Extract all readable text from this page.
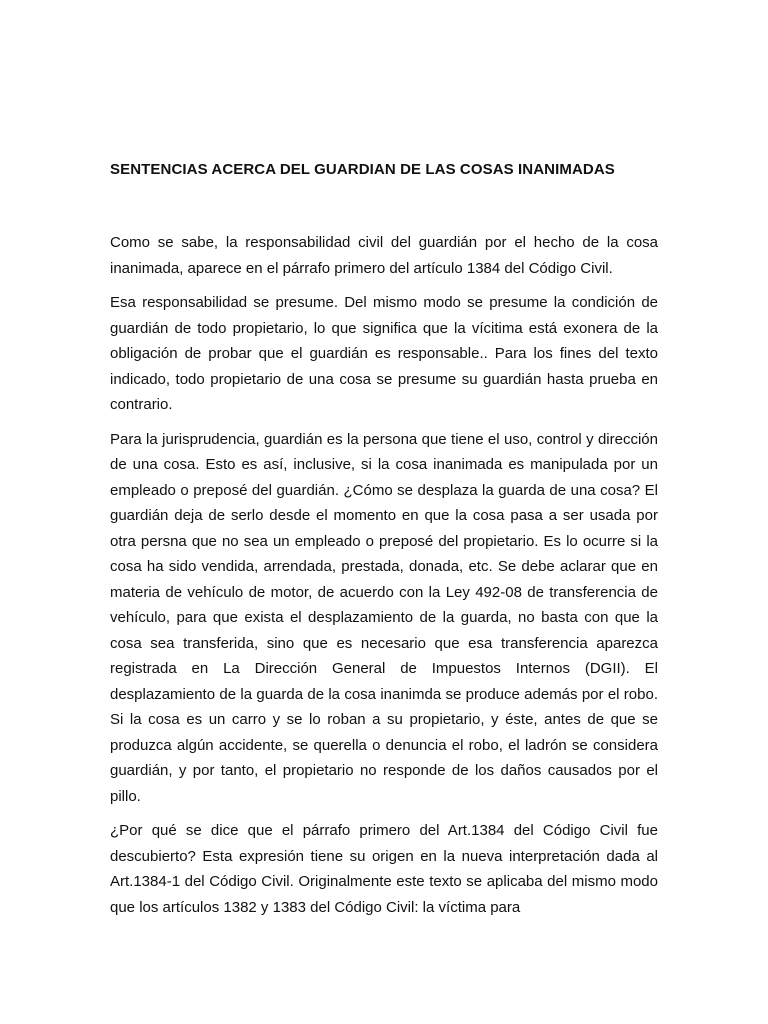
SENTENCIAS ACERCA DEL GUARDIAN DE LAS COSAS INANIMADAS

Como se sabe, la responsabilidad civil del guardián por el hecho de la cosa inanimada, aparece en el párrafo primero del artículo 1384 del Código Civil.

Esa responsabilidad se presume. Del mismo modo se presume la condición de guardián de todo propietario, lo que significa que la vícitima está exonera de la obligación de probar que el guardián es responsable.. Para los fines del texto indicado, todo propietario de una cosa se presume su guardián hasta prueba en contrario.

Para la jurisprudencia, guardián es la persona que tiene el uso, control y dirección de una cosa. Esto es así, inclusive, si la cosa inanimada es manipulada por un empleado o preposé del guardián. ¿Cómo se desplaza la guarda de una cosa? El guardián deja de serlo desde el momento en que la cosa pasa a ser usada por otra persna que no sea un empleado o preposé del propietario. Es lo ocurre si la cosa ha sido vendida, arrendada, prestada, donada, etc. Se debe aclarar que en materia de vehículo de motor, de acuerdo con la Ley 492-08 de transferencia de vehículo, para que exista el desplazamiento de la guarda, no basta con que la cosa sea transferida, sino que es necesario que esa transferencia aparezca registrada en La Dirección General de Impuestos Internos (DGII). El desplazamiento de la guarda de la cosa inanimda se produce además por el robo. Si la cosa es un carro y se lo roban a su propietario, y éste, antes de que se produzca algún accidente, se querella o denuncia el robo, el ladrón se considera guardián, y por tanto, el propietario no responde de los daños causados por el pillo.

¿Por qué se dice que el párrafo primero del Art.1384 del Código Civil fue descubierto? Esta expresión tiene su origen en la nueva interpretación dada al Art.1384-1 del Código Civil. Originalmente este texto se aplicaba del mismo modo que los artículos 1382 y 1383 del Código Civil: la víctima para
